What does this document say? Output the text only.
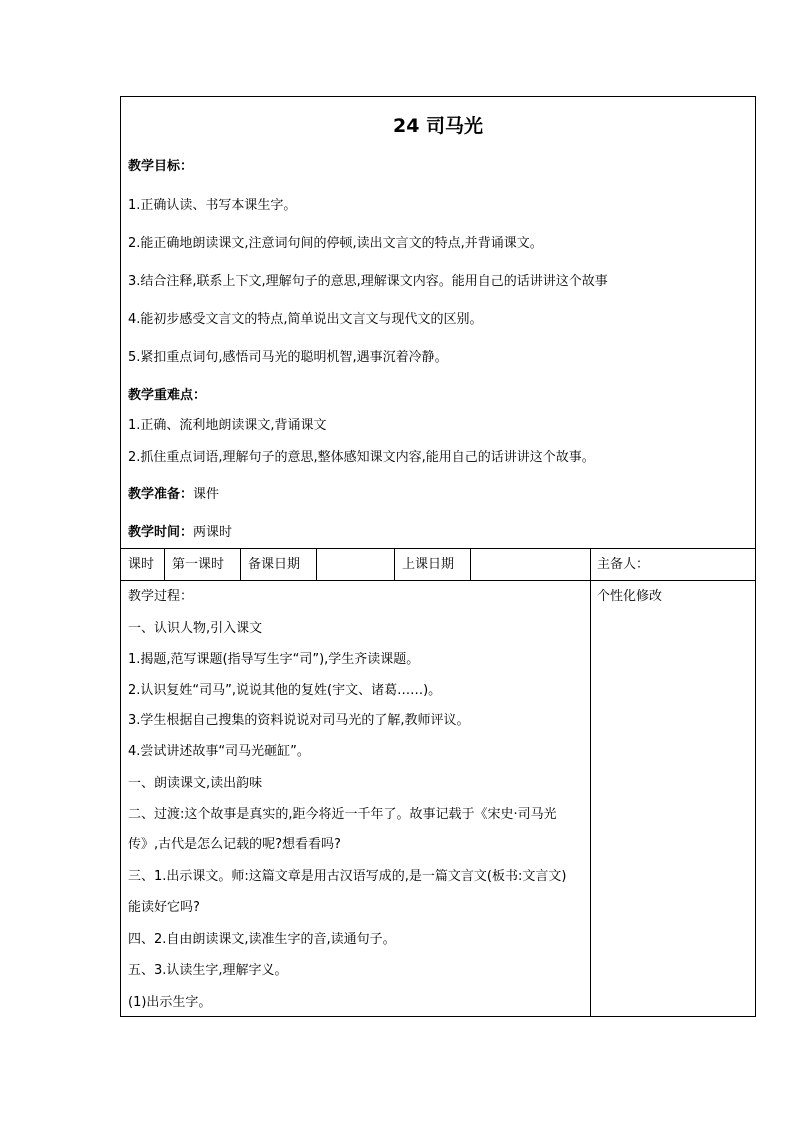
24 司马光
教学目标：
1.正确认读、书写本课生字。
2.能正确地朗读课文,注意词句间的停顿,读出文言文的特点,并背诵课文。
3.结合注释,联系上下文,理解句子的意思,理解课文内容。能用自己的话讲讲这个故事
4.能初步感受文言文的特点,简单说出文言文与现代文的区别。
5.紧扣重点词句,感悟司马光的聪明机智,遇事沉着冷静。
教学重难点：
1.正确、流利地朗读课文,背诵课文
2.抓住重点词语,理解句子的意思,整体感知课文内容,能用自己的话讲讲这个故事。
教学准备：课件
教学时间：两课时
课时 第一课时 备课日期	上课日期	主备人：
个性化修改
教学过程：
一、认识人物,引入课文
1.揭题,范写课题(指导写生字“司”),学生齐读课题。
2.认识复姓“司马”,说说其他的复姓(宇文、诸葛……)。
3.学生根据自己搜集的资料说说对司马光的了解,教师评议。
4.尝试讲述故事“司马光砸缸”。
一、朗读课文,读出韵味
二、过渡:这个故事是真实的,距今将近一千年了。故事记载于《宋史·司马光
传》,古代是怎么记载的呢?想看看吗?
三、1.出示课文。师:这篇文章是用古汉语写成的,是一篇文言文(板书:文言文)
能读好它吗?
四、2.自由朗读课文,读准生字的音,读通句子。
五、3.认读生字,理解字义。
(1)出示生字。
